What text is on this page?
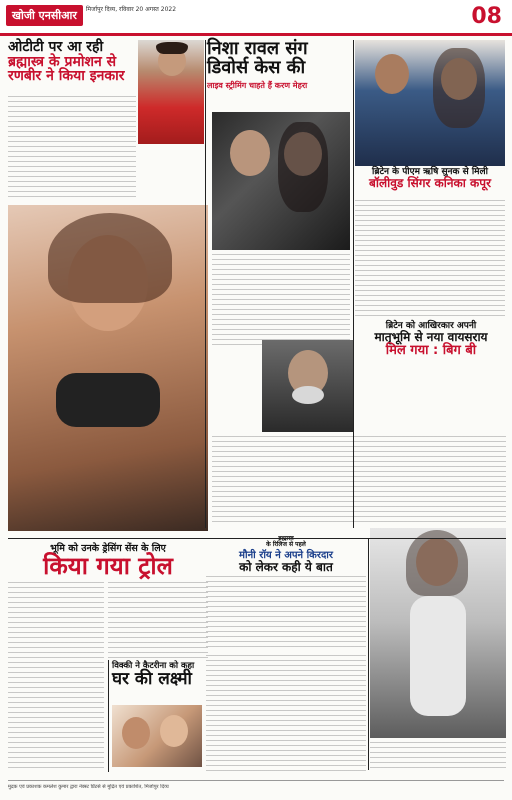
खोजी एनसीआर	मिर्जापुर दिव्य, रविवार 20 अगस्त 2022	08
ओटीटी पर आ रही
ब्रह्मास्त्र के प्रमोशन से
रणबीर ने किया इनकार
निशा रावल संग
डिवोर्स केस की
लाइव स्ट्रीमिंग चाहते हैं करण मेहरा
ब्रिटेन के पीएम ऋषि सुनक से मिली
बॉलीवुड सिंगर कनिका कपूर
ब्रिटेन को आखिरकार अपनी
मातृभूमि से नया वायसराय
मिल गया : बिग बी
भूमि को उनके ड्रेसिंग सेंस के लिए
किया गया ट्रोल
विक्की ने कैटरीना को कहा
घर की लक्ष्मी
के रिलिज से पहले
मौनी रॉय ने अपने किरदार
को लेकर कही ये बात
मुद्रक एवं प्रकाशक कमलेश कुमार द्वारा नेक्स्ट प्रिंटर्स से मुद्रित एवं प्रकाशित, मिर्जापुर दिव्य
